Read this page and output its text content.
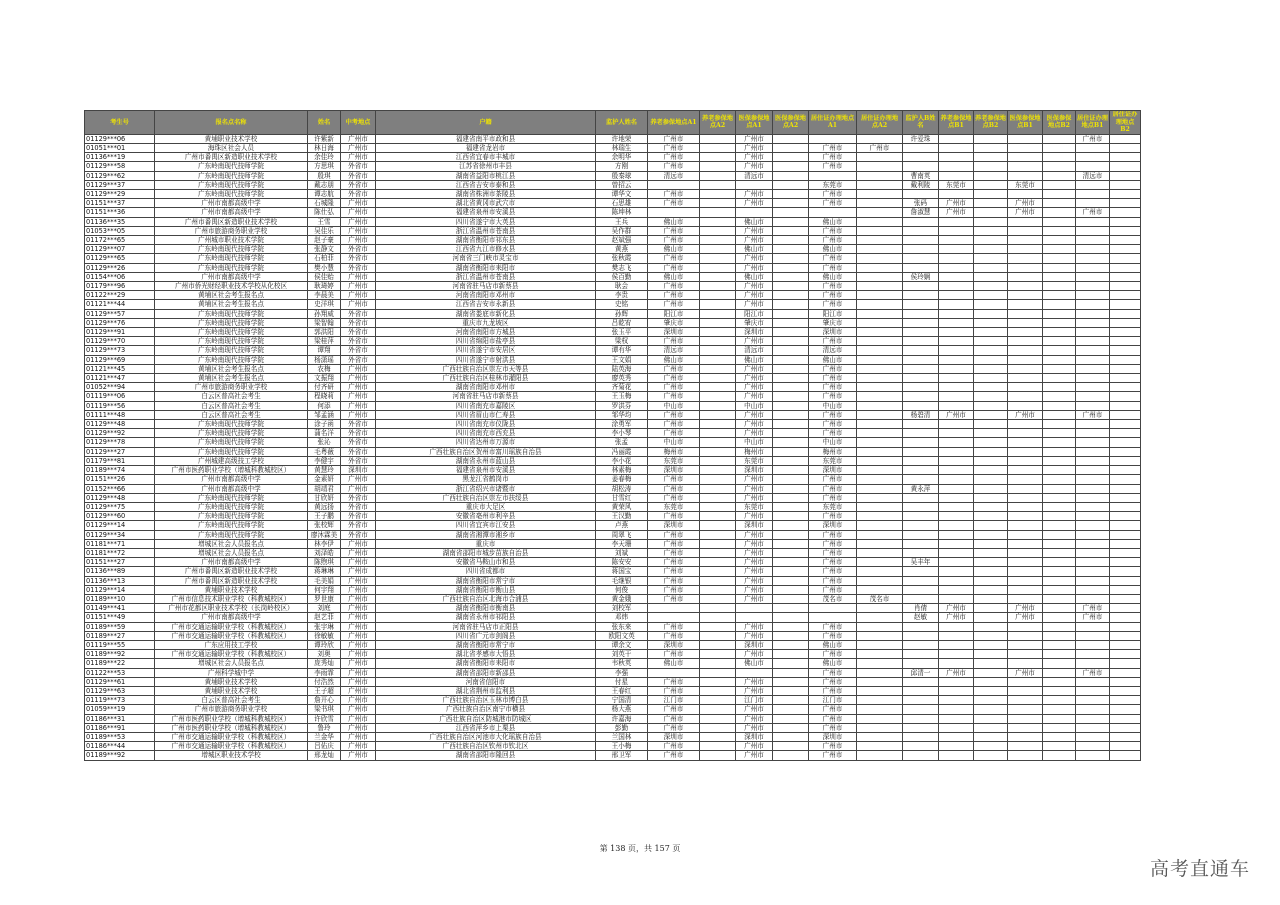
考生号	报名点名称	姓名	中考地点	户籍	监护人姓名	养老参保地点A1	养老参保地点A2	医保参保地点A1	医保参保地点A2	居住证办理地点A1	居住证办理地点A2	监护人B姓名	养老参保地点B1	养老参保地点B2	医保参保地点B1	医保参保地点B2	居住证办理地点B1	居住证办理地点B2
01129***06	黄埔职业技术学校	许紫新	广州市	福建省南平市政和县	许地荣	广州市		广州市				许爱珠					广州市	
01051***01	海珠区社会人员	林日海	广州市	福建省龙岩市	林瑞生	广州市		广州市		广州市	广州市							
01136***19	广州市番禺区新造职业技术学校	余佳玲	广州市	江西省宜春市丰城市	余明华	广州市		广州市		广州市								
01129***58	广东岭南现代技师学院	方思琪	外省市	江苏省徐州市丰县	方刚	广州市		广州市		广州市								
01129***62	广东岭南现代技师学院	殷琪	外省市	湖南省益阳市桃江县	殷秦球	清远市		清远市				曹南英					清远市	
01129***37	广东岭南现代技师学院	戴志朋	外省市	江西省吉安市泰和县	曾招云					东莞市		戴利陵	东莞市		东莞市			
01129***29	广东岭南现代技师学院	谭志航	外省市	湖南省株洲市茶陵县	谭华文	广州市		广州市		广州市								
01151***37	广州市南都高级中学	石城隆	广州市	湖北省黄冈市武穴市	石思雄	广州市		广州市		广州市		张码	广州市		广州市			
01151***36	广州市南都高级中学	陈仕弘	广州市	福建省泉州市安溪县	陈坤林							詹淑慧	广州市		广州市		广州市	
01136***35	广州市番禺区新造职业技术学校	王雪	广州市	四川省遂宁市大英县	王兵	佛山市		佛山市		佛山市								
01053***05	广州市旅游商务职业学校	吴佳乐	广州市	浙江省温州市苍南县	吴作群	广州市		广州市		广州市								
01172***65	广州城市职业技术学院	赵子豪	广州市	湖南省衡阳市祁东县	赵斌强	广州市		广州市		广州市								
01129***07	广东岭南现代技师学院	张静文	外省市	江西省九江市修水县	黄燕	佛山市		佛山市		佛山市								
01129***65	广东岭南现代技师学院	石柏菲	外省市	河南省三门峡市灵宝市	张秋霞	广州市		广州市		广州市								
01129***26	广东岭南现代技师学院	樊小慧	外省市	湖南省衡阳市耒阳市	樊志飞	广州市		广州市		广州市								
01154***06	广州市南都高级中学	侯佳贻	广州市	浙江省温州市苍南县	侯百勤	佛山市		佛山市		佛山市		侯玲娴						
01179***96	广州市侨光财经职业技术学校从化校区	耿琦婷	广州市	河南省驻马店市新蔡县	耿会	广州市		广州市		广州市								
01122***29	黄埔区社会考生报名点	李晨美	广州市	河南省南阳市邓州市	李贵	广州市		广州市		广州市								
01121***44	黄埔区社会考生报名点	史洋琪	广州市	江西省吉安市永新县	史铭	广州市		广州市		广州市								
01129***57	广东岭南现代技师学院	孙翔威	外省市	湖南省娄底市新化县	孙辉	阳江市		阳江市		阳江市								
01129***76	广东岭南现代技师学院	梁智翰	外省市	重庆市九龙坡区	吕乾宥	肇庆市		肇庆市		肇庆市								
01129***91	广东岭南现代技师学院	郭洪阳	外省市	河南省南阳市方城县	张玉平	深圳市		深圳市		深圳市								
01129***70	广东岭南现代技师学院	梁桂萍	外省市	四川省绵阳市盐亭县	梁权	广州市		广州市		广州市								
01129***73	广东岭南现代技师学院	谭翔	外省市	四川省遂宁市安居区	谭有华	清远市		清远市		清远市								
01129***69	广东岭南现代技师学院	杨潇瑶	外省市	四川省遂宁市射洪县	王文娟	佛山市		佛山市		佛山市								
01121***45	黄埔区社会考生报名点	农梅	广州市	广西壮族自治区崇左市天等县	陆英海	广州市		广州市		广州市								
01121***47	黄埔区社会考生报名点	文振翔	广州市	广西壮族自治区桂林市灌阳县	廖英秀	广州市		广州市		广州市								
01052***94	广州市旅游商务职业学校	付齐研	广州市	湖南省南阳市邓州市	齐菊花	广州市		广州市		广州市								
01119***06	白云区普高社会考生	程晓莉	广州市	河南省驻马店市新蔡县	王玉梅	广州市		广州市		广州市								
01119***56	白云区普高社会考生	何添	广州市	四川省南充市嘉陵区	罗洪芬	中山市		中山市		中山市								
01111***48	白云区普高社会考生	邹孟涵	广州市	四川省眉山市仁寿县	邹华均	广州市		广州市		广州市		杨碧清	广州市		广州市		广州市	
01129***48	广东岭南现代技师学院	涂子函	外省市	四川省南充市仪陇县	涂勇军	广州市		广州市		广州市								
01129***92	广东岭南现代技师学院	蒲名洋	外省市	四川省南充市西充县	李小琴	广州市		广州市		广州市								
01129***78	广东岭南现代技师学院	张沁	外省市	四川省达州市万源市	张孟	中山市		中山市		中山市								
01129***27	广东岭南现代技师学院	毛粤薇	外省市	广西壮族自治区贺州市富川瑶族自治县	冯丽霞	梅州市		梅州市		梅州市								
01179***81	广州城建高级技工学校	李健宇	外省市	湖南省永州市蓝山县	李小花	东莞市		东莞市		东莞市								
01189***74	广州市医药职业学校（增城科教城校区）	黄慧玲	深圳市	福建省泉州市安溪县	林素梅	深圳市		深圳市		深圳市								
01151***26	广州市南都高级中学	金素妍	广州市	黑龙江省鹤岗市	姜春梅	广州市		广州市		广州市								
01152***66	广州市南都高级中学	胡靖君	广州市	浙江省绍兴市诸暨市	胡松涛	广州市		广州市		广州市		黄永萍						
01129***48	广东岭南现代技师学院	甘欣妍	外省市	广西壮族自治区崇左市扶绥县	甘雪红	广州市		广州市		广州市								
01129***75	广东岭南现代技师学院	黄远扬	外省市	重庆市大足区	黄荣风	东莞市		东莞市		东莞市								
01129***60	广东岭南现代技师学院	王子鹏	外省市	安徽省亳州市利辛县	王汉勤	广州市		广州市		广州市								
01129***14	广东岭南现代技师学院	张校辉	外省市	四川省宜宾市江安县	卢燕	深圳市		深圳市		深圳市								
01129***34	广东岭南现代技师学院	廖沐霖美	外省市	湖南省湘潭市湘乡市	周翠飞	广州市		广州市		广州市								
01181***71	增城区社会人员报名点	林李伊	广州市	重庆市	李天珊	广州市		广州市		广州市								
01181***72	增城区社会人员报名点	刘泽皓	广州市	湖南省邵阳市城步苗族自治县	刘斌	广州市		广州市		广州市								
01151***27	广州市南都高级中学	陈煦琪	广州市	安徽省马鞍山市和县	陈安安	广州市		广州市		广州市		吴丰年						
01136***89	广州市番禺区新造职业技术学校	蒋琳琳	广州市	四川省成都市	蒋国宝	广州市		广州市		广州市								
01136***13	广州市番禺区新造职业技术学校	毛美娟	广州市	湖南省衡阳市常宁市	毛继银	广州市		广州市		广州市								
01129***14	黄埔职业技术学校	何宇翔	广州市	湖南省衡阳市衡山县	何俊	广州市		广州市		广州市								
01189***10	广州市信息技术职业学校（科教城校区）	罗世康	广州市	广西壮族自治区北海市合浦县	黄金娥	广州市		广州市		茂名市	茂名市							
01149***41	广州市花都区职业技术学校（长岗岭校区）	刘庭	广州市	湖南省衡阳市衡南县	刘校军							肖倩	广州市		广州市		广州市	
01151***49	广州市南都高级中学	赵艺菲	广州市	湖南省永州市祁阳县	邓炜							赵敏	广州市		广州市		广州市	
01189***59	广州市交通运输职业学校（科教城校区）	张宇琳	广州市	河南省驻马店市正阳县	张东来	广州市		广州市		广州市								
01189***27	广州市交通运输职业学校（科教城校区）	徐敏敏	广州市	四川省广元市剑阁县	欧阳文英	广州市		广州市		广州市								
01119***55	广东应用技工学校	谭玲欣	广州市	湖南省衡阳市常宁市	谭余文	深圳市		深圳市		佛山市								
01189***92	广州市交通运输职业学校（科教城校区）	刘奥	广州市	湖北省孝感市大悟县	刘英干	广州市		广州市		广州市								
01189***22	增城区社会人员报名点	庞秀灿	广州市	湖南省衡阳市耒阳市	韦秋英	佛山市		佛山市		佛山市								
01122***53	广州科学城中学	李雨霏	广州市	湖南省邵阳市新邵县	李强					广州市		邱清一	广州市		广州市		广州市	
01129***61	黄埔职业技术学校	付浩然	广州市	河南省信阳市	付星	广州市		广州市		广州市								
01129***63	黄埔职业技术学校	王子超	广州市	湖北省荆州市监利县	王春红	广州市		广州市		广州市								
01119***73	白云区普高社会考生	詹开心	广州市	广西壮族自治区玉林市博白县	宁国清	江门市		江门市		江门市								
01059***19	广州市旅游商务职业学校	梁书琪	广州市	广西壮族自治区南宁市横县	杨大燕	广州市		广州市		广州市								
01186***31	广州市医药职业学校（增城科教城校区）	许欣雪	广州市	广西壮族自治区防城港市防城区	许嘉海	广州市		广州市		广州市								
01186***91	广州市医药职业学校（增城科教城校区）	鲁玲	广州市	江西省萍乡市上栗县	彭勤	广州市		广州市		广州市								
01189***53	广州市交通运输职业学校（科教城校区）	兰金华	广州市	广西壮族自治区河池市大化瑶族自治县	兰国林	深圳市		深圳市		深圳市								
01186***44	广州市交通运输职业学校（科教城校区）	吕佑庆	广州市	广西壮族自治区钦州市钦北区	王小梅	广州市		广州市		广州市								
01189***92	增城区职业技术学校	邢龙灿	广州市	湖南省邵阳市隆回县	邢卫军	广州市		广州市		广州市								
第 138 页，共 157 页
高考直通车
